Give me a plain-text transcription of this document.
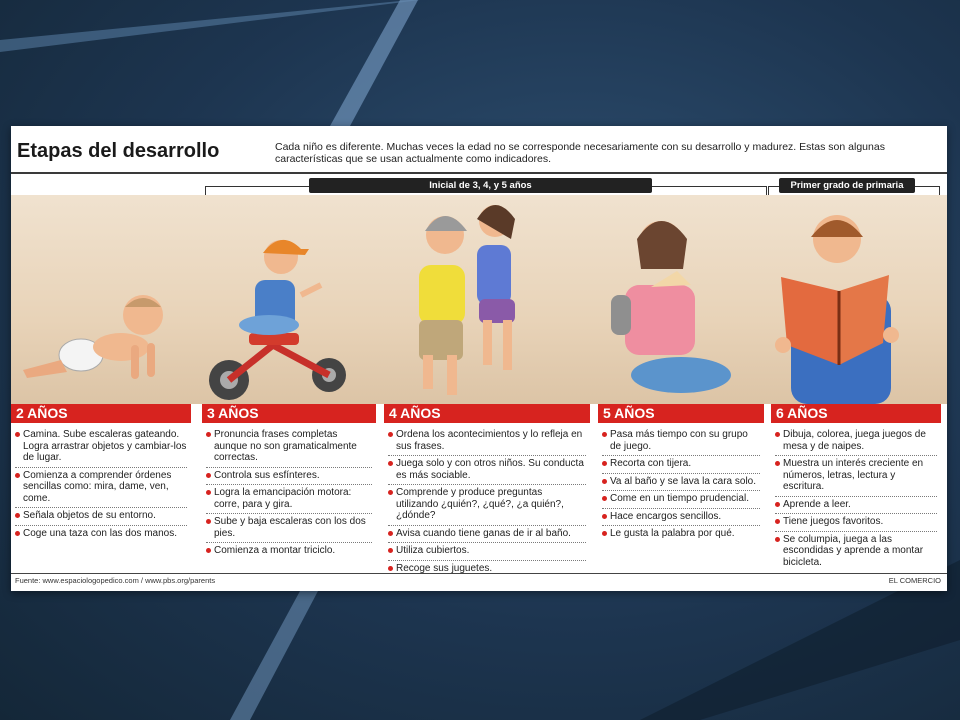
Etapas del desarrollo	Cada niño es diferente. Muchas veces la edad no se corresponde necesariamente con su desarrollo y madurez. Estas son algunas características que se usan actualmente como indicadores.

Inicial de 3, 4, y 5 años	Primer grado de primaria
2 AÑOS
Camina. Sube escaleras gateando. Logra arrastrar objetos y cambiar-los de lugar.
Comienza a comprender órdenes sencillas como: mira, dame, ven, come.
Señala objetos de su entorno.
Coge una taza con las dos manos.
3 AÑOS
Pronuncia frases completas aunque no son gramaticalmente correctas.
Controla sus esfínteres.
Logra la emancipación motora: corre, para y gira.
Sube y baja escaleras con los dos pies.
Comienza a montar triciclo.
4 AÑOS
Ordena los acontecimientos y lo refleja en sus frases.
Juega solo y con otros niños. Su conducta es más sociable.
Comprende y produce preguntas utilizando ¿quién?, ¿qué?, ¿a quién?, ¿dónde?
Avisa cuando tiene ganas de ir al baño.
Utiliza cubiertos.
Recoge sus juguetes.
5 AÑOS
Pasa más tiempo con su grupo de juego.
Recorta con tijera.
Va al baño y se lava la cara solo.
Come en un tiempo prudencial.
Hace encargos sencillos.
Le gusta la palabra por qué.
6 AÑOS
Dibuja, colorea, juega juegos de mesa y de naipes.
Muestra un interés creciente en números, letras, lectura y escritura.
Aprende a leer.
Tiene juegos favoritos.
Se columpia, juega a las escondidas y aprende a montar bicicleta.
Fuente: www.espaciologopedico.com / www.pbs.org/parents	EL COMERCIO
